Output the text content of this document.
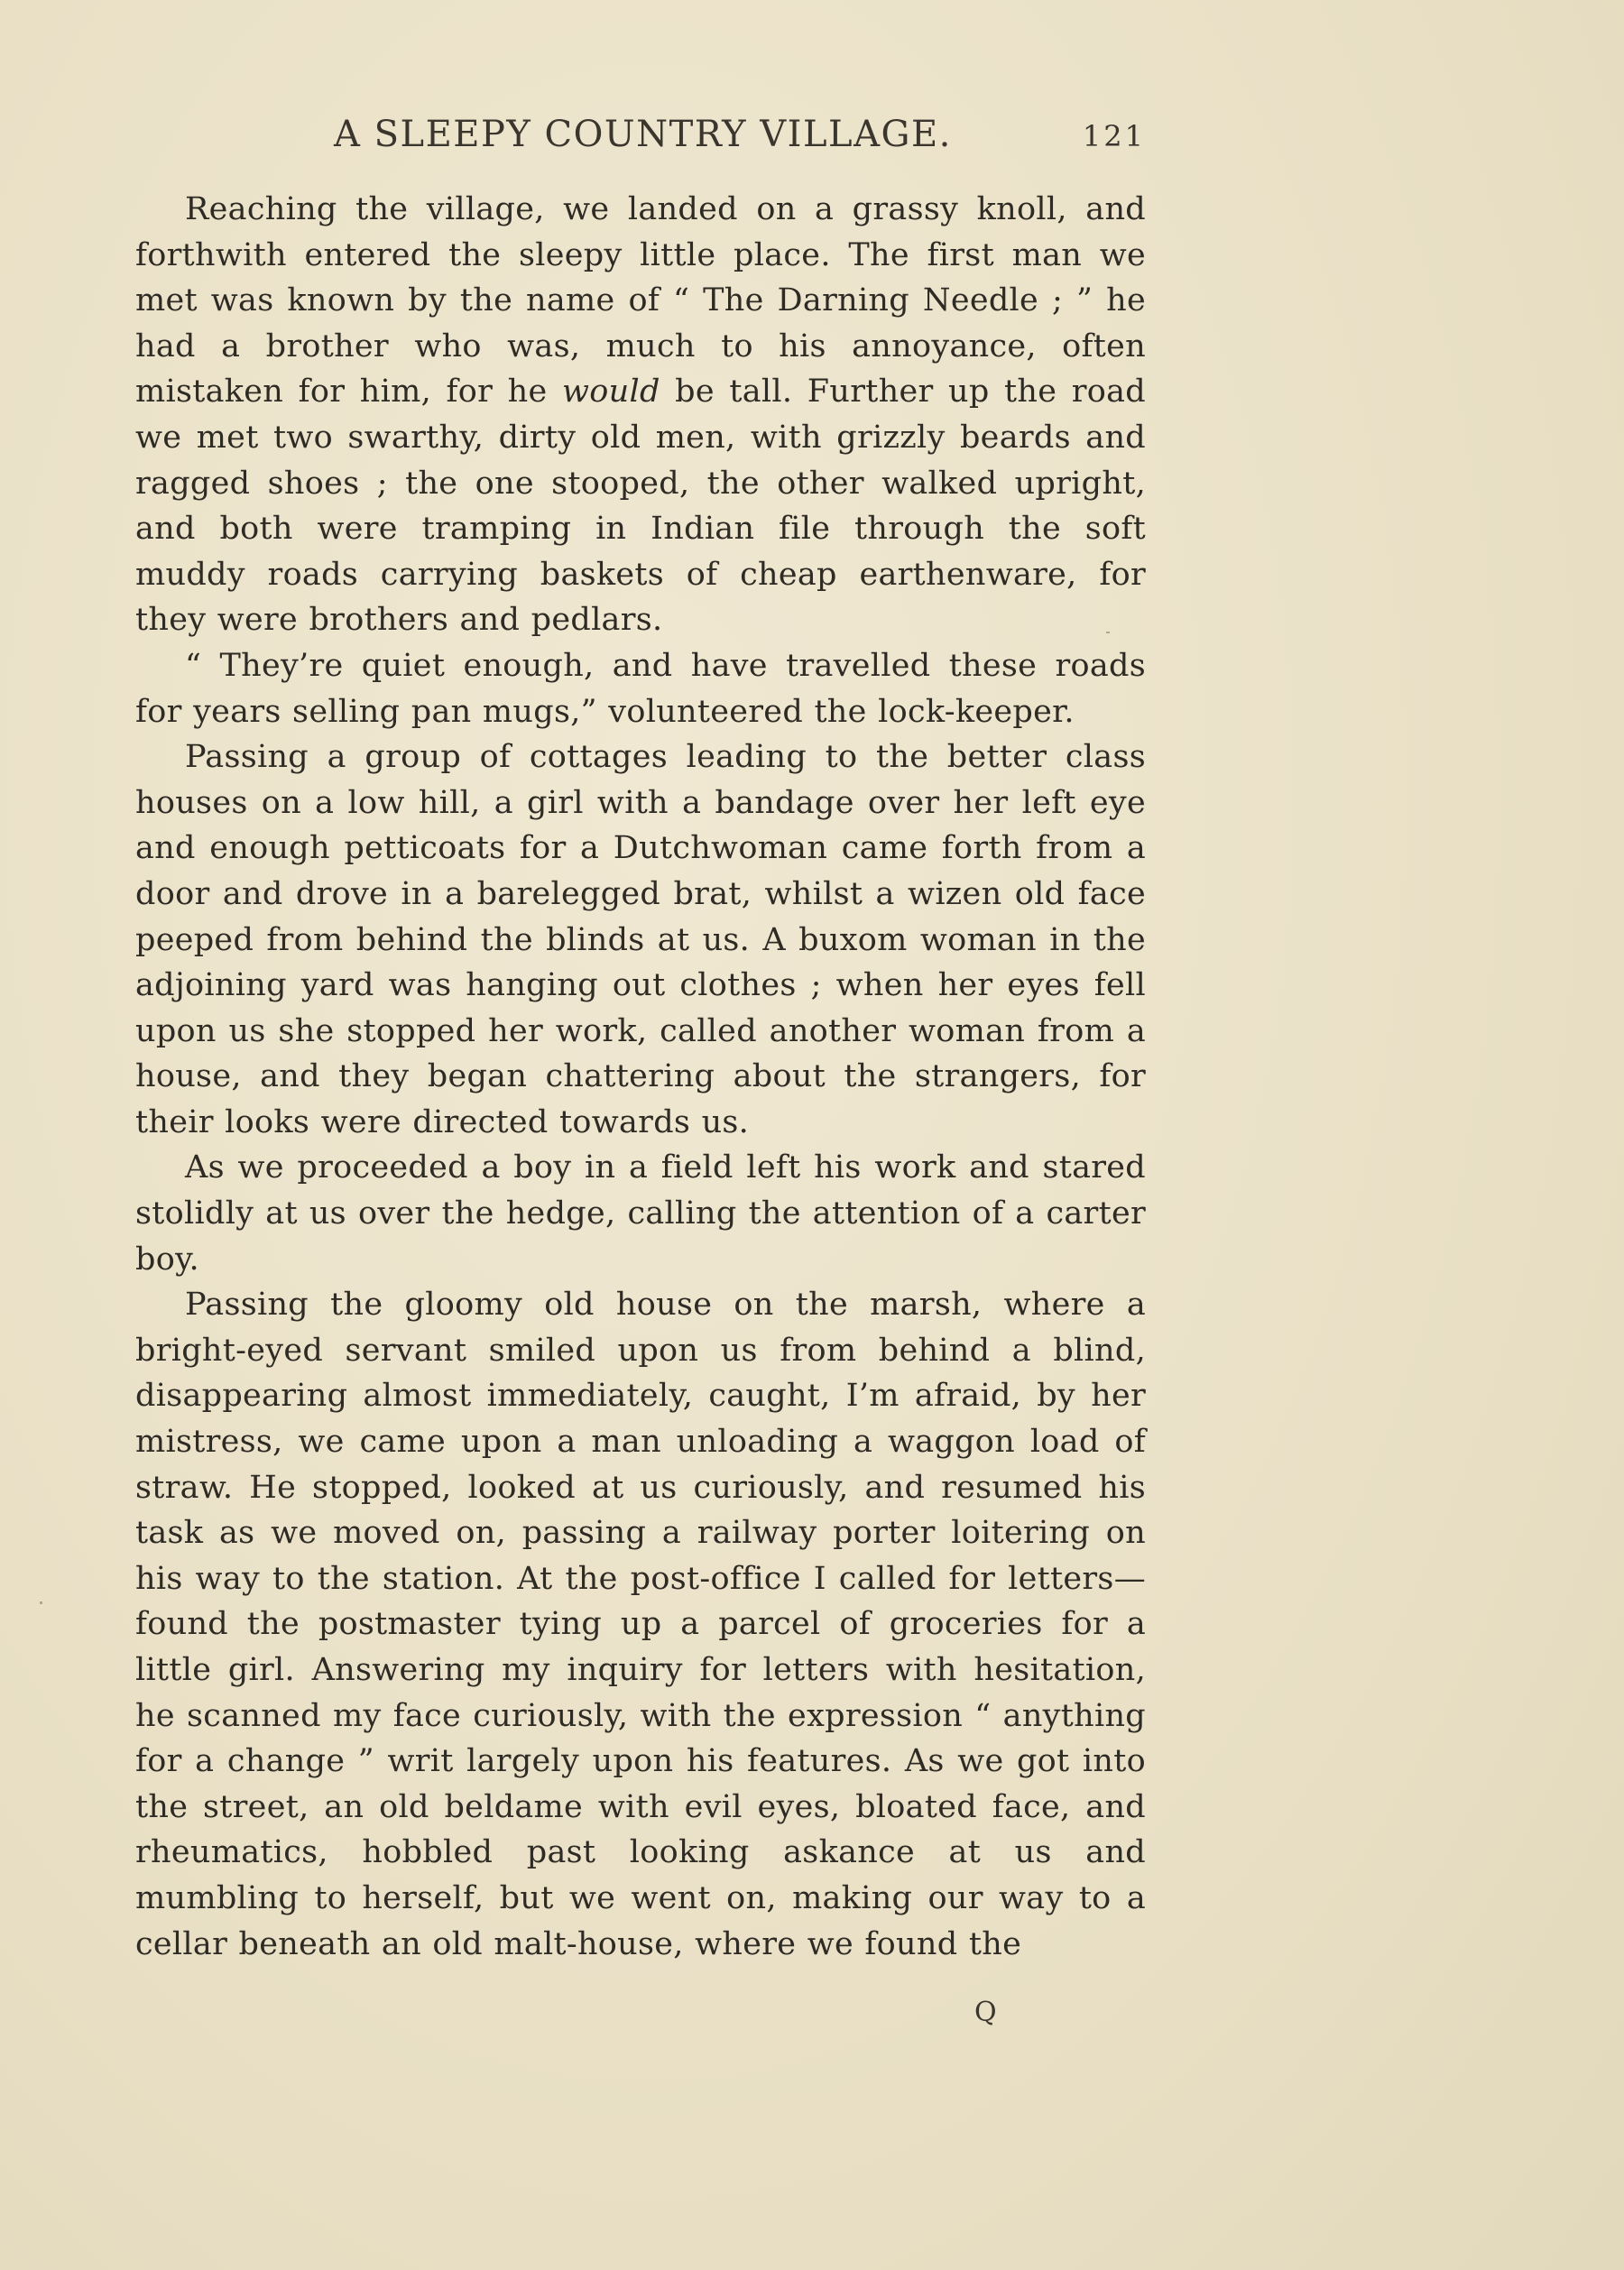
A SLEEPY COUNTRY VILLAGE.	121

Reaching the village, we landed on a grassy knoll, and forthwith entered the sleepy little place. The first man we met was known by the name of “ The Darning Needle ; ” he had a brother who was, much to his annoyance, often mistaken for him, for he would be tall. Further up the road we met two swarthy, dirty old men, with grizzly beards and ragged shoes ; the one stooped, the other walked upright, and both were tramping in Indian file through the soft muddy roads carrying baskets of cheap earthenware, for they were brothers and pedlars.

“ They’re quiet enough, and have travelled these roads for years selling pan mugs,” volunteered the lock-keeper.

Passing a group of cottages leading to the better class houses on a low hill, a girl with a bandage over her left eye and enough petticoats for a Dutchwoman came forth from a door and drove in a barelegged brat, whilst a wizen old face peeped from behind the blinds at us. A buxom woman in the adjoining yard was hanging out clothes ; when her eyes fell upon us she stopped her work, called another woman from a house, and they began chattering about the strangers, for their looks were directed towards us.

As we proceeded a boy in a field left his work and stared stolidly at us over the hedge, calling the attention of a carter boy.

Passing the gloomy old house on the marsh, where a bright-eyed servant smiled upon us from behind a blind, disappearing almost immediately, caught, I’m afraid, by her mistress, we came upon a man unloading a waggon load of straw. He stopped, looked at us curiously, and resumed his task as we moved on, passing a railway porter loitering on his way to the station. At the post-office I called for letters—found the postmaster tying up a parcel of groceries for a little girl. Answering my inquiry for letters with hesitation, he scanned my face curiously, with the expression “ anything for a change ” writ largely upon his features. As we got into the street, an old beldame with evil eyes, bloated face, and rheumatics, hobbled past looking askance at us and mumbling to herself, but we went on, making our way to a cellar beneath an old malt-house, where we found the

Q
